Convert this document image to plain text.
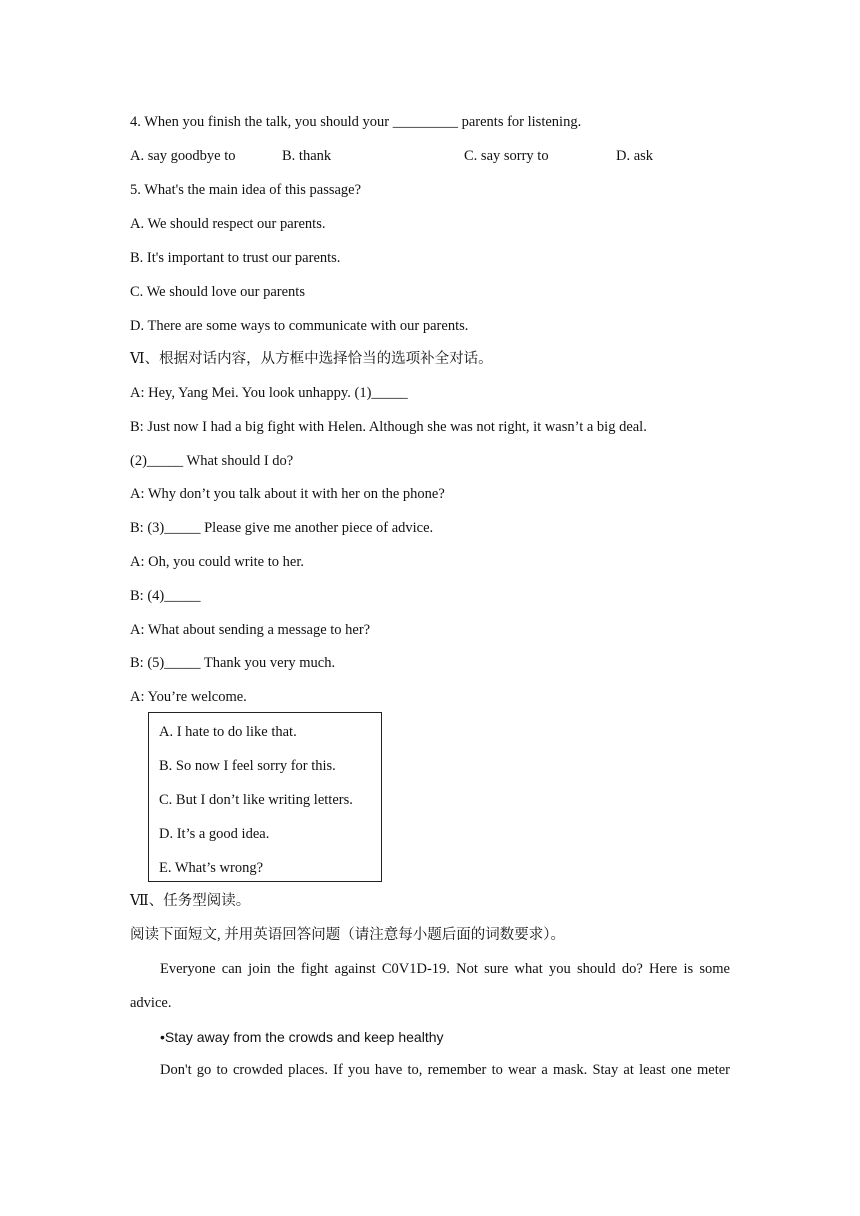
4. When you finish the talk, you should your _________ parents for listening.
A. say goodbye to	B. thank	C. say sorry to	D. ask
5. What's the main idea of this passage?
A. We should respect our parents.
B. It's important to trust our parents.
C. We should love our parents
D. There are some ways to communicate with our parents.
Ⅵ、根据对话内容，从方框中选择恰当的选项补全对话。
A: Hey, Yang Mei. You look unhappy. (1)_____
B: Just now I had a big fight with Helen. Although she was not right, it wasn’t a big deal.
(2)_____ What should I do?
A: Why don’t you talk about it with her on the phone?
B: (3)_____ Please give me another piece of advice.
A: Oh, you could write to her.
B: (4)_____
A: What about sending a message to her?
B: (5)_____ Thank you very much.
A: You’re welcome.
A. I hate to do like that.
B. So now I feel sorry for this.
C. But I don’t like writing letters.
D. It’s a good idea.
E. What’s wrong?
Ⅶ、任务型阅读。
阅读下面短文, 并用英语回答问题（请注意每小题后面的词数要求）。
Everyone can join the fight against C0V1D-19. Not sure what you should do? Here is some
advice.
•Stay away from the crowds and keep healthy
Don't go to crowded places. If you have to, remember to wear a mask. Stay at least one meter
